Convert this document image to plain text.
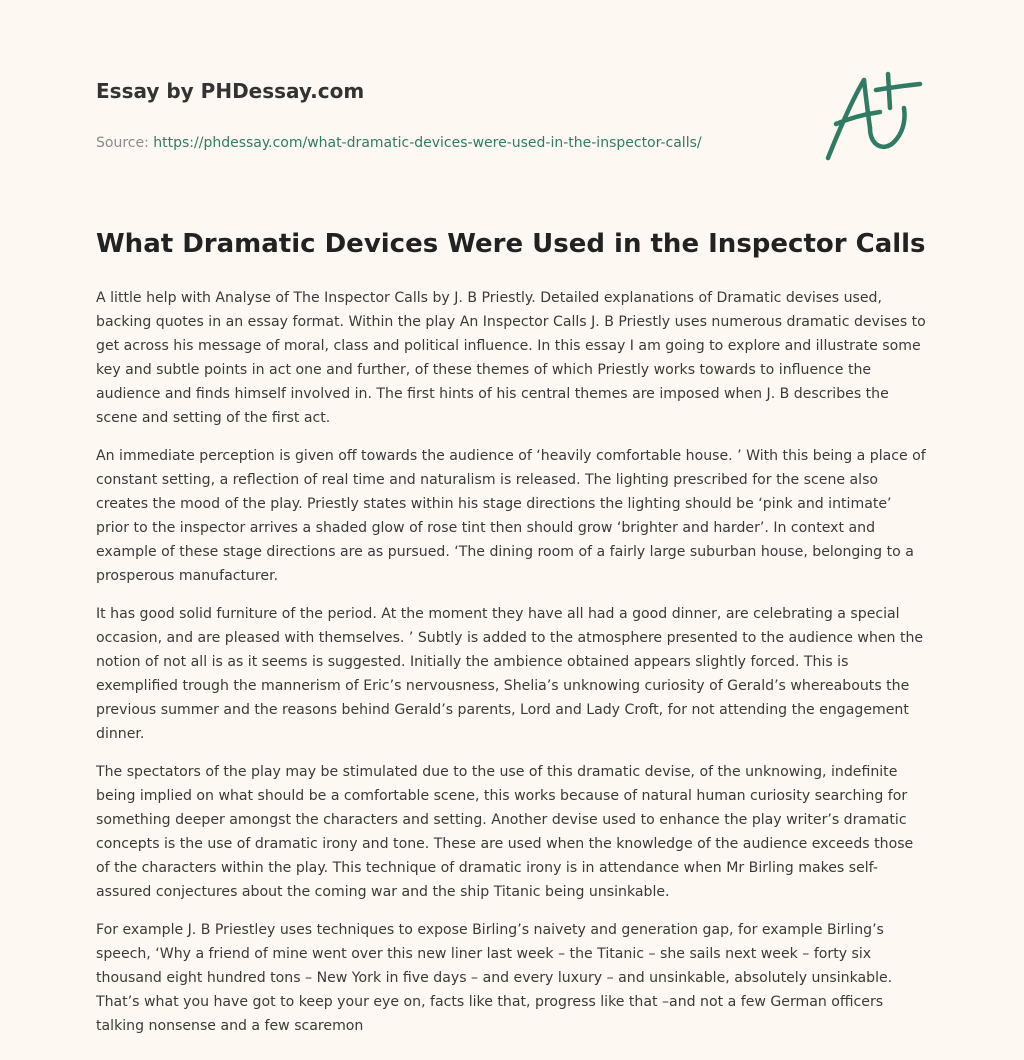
Essay by PHDessay.com
Source: https://phdessay.com/what-dramatic-devices-were-used-in-the-inspector-calls/
What Dramatic Devices Were Used in the Inspector Calls

A little help with Analyse of The Inspector Calls by J. B Priestly. Detailed explanations of Dramatic devises used, backing quotes in an essay format. Within the play An Inspector Calls J. B Priestly uses numerous dramatic devises to get across his message of moral, class and political influence. In this essay I am going to explore and illustrate some key and subtle points in act one and further, of these themes of which Priestly works towards to influence the audience and finds himself involved in. The first hints of his central themes are imposed when J. B describes the scene and setting of the first act.

An immediate perception is given off towards the audience of ‘heavily comfortable house. ’ With this being a place of constant setting, a reflection of real time and naturalism is released. The lighting prescribed for the scene also creates the mood of the play. Priestly states within his stage directions the lighting should be ‘pink and intimate’ prior to the inspector arrives a shaded glow of rose tint then should grow ‘brighter and harder’. In context and example of these stage directions are as pursued. ‘The dining room of a fairly large suburban house, belonging to a prosperous manufacturer.

It has good solid furniture of the period. At the moment they have all had a good dinner, are celebrating a special occasion, and are pleased with themselves. ’ Subtly is added to the atmosphere presented to the audience when the notion of not all is as it seems is suggested. Initially the ambience obtained appears slightly forced. This is exemplified trough the mannerism of Eric’s nervousness, Shelia’s unknowing curiosity of Gerald’s whereabouts the previous summer and the reasons behind Gerald’s parents, Lord and Lady Croft, for not attending the engagement dinner.

The spectators of the play may be stimulated due to the use of this dramatic devise, of the unknowing, indefinite being implied on what should be a comfortable scene, this works because of natural human curiosity searching for something deeper amongst the characters and setting. Another devise used to enhance the play writer’s dramatic concepts is the use of dramatic irony and tone. These are used when the knowledge of the audience exceeds those of the characters within the play. This technique of dramatic irony is in attendance when Mr Birling makes self-assured conjectures about the coming war and the ship Titanic being unsinkable.

For example J. B Priestley uses techniques to expose Birling’s naivety and generation gap, for example Birling’s speech, ‘Why a friend of mine went over this new liner last week – the Titanic – she sails next week – forty six thousand eight hundred tons – New York in five days – and every luxury – and unsinkable, absolutely unsinkable. That’s what you have got to keep your eye on, facts like that, progress like that –and not a few German officers talking nonsense and a few scaremon
